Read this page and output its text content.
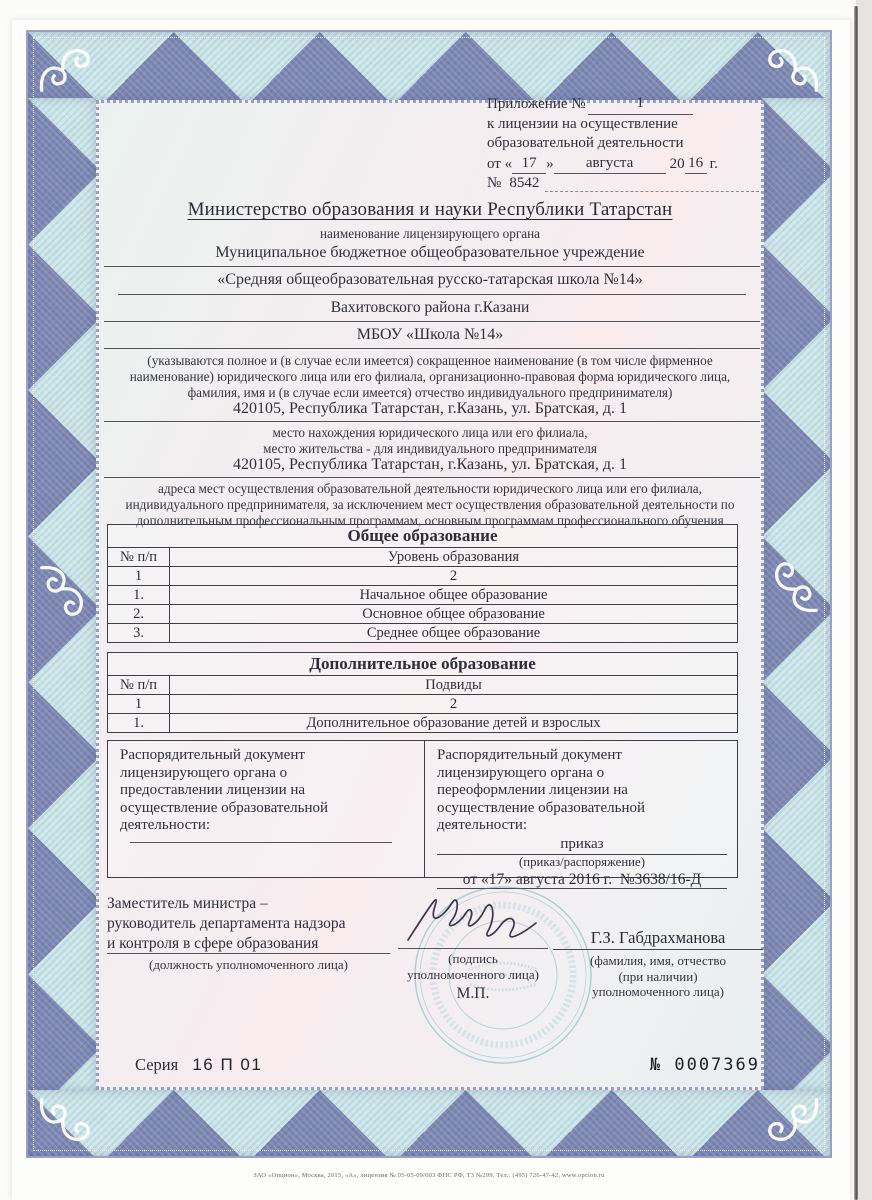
Приложение №	1
к лицензии на осуществление
образовательной деятельности
от « 17 »	августа	20 16 г.
№ 8542
Министерство образования и науки Республики Татарстан
наименование лицензирующего органа
Муниципальное бюджетное общеобразовательное учреждение
«Средняя общеобразовательная русско-татарская школа №14»
Вахитовского района г.Казани
МБОУ «Школа №14»
(указываются полное и (в случае если имеется) сокращенное наименование (в том числе фирменное наименование) юридического лица или его филиала, организационно-правовая форма юридического лица, фамилия, имя и (в случае если имеется) отчество индивидуального предпринимателя)
420105, Республика Татарстан, г.Казань, ул. Братская, д. 1
место нахождения юридического лица или его филиала,
место жительства - для индивидуального предпринимателя
420105, Республика Татарстан, г.Казань, ул. Братская, д. 1
адреса мест осуществления образовательной деятельности юридического лица или его филиала, индивидуального предпринимателя, за исключением мест осуществления образовательной деятельности по дополнительным профессиональным программам, основным программам профессионального обучения
Общее образование	
№ п/п	Уровень образования
1	2
1.	Начальное общее образование
2.	Основное общее образование
3.	Среднее общее образование
Дополнительное образование	
№ п/п	Подвиды
1	2
1.	Дополнительное образование детей и взрослых
Распорядительный документ лицензирующего органа о предоставлении лицензии на осуществление образовательной деятельности:
Распорядительный документ лицензирующего органа о переоформлении лицензии на осуществление образовательной деятельности:
приказ
(приказ/распоряжение)
от «17» августа 2016 г.  №3638/16-Д
Заместитель министра –
руководитель департамента надзора
и контроля в сфере образования
(должность уполномоченного лица)	(подпись
уполномоченного лица)
М.П.
Г.З. Габдрахманова
(фамилия, имя, отчество
(при наличии)
уполномоченного лица)
Серия 16 П 01	№ 0007369
ЗАО «Опцион», Москва, 2015, «А», лицензия № 05-05-09/003 ФНС РФ, ТЗ №299. Тел.: (495) 726-47-42, www.opcion.ru
